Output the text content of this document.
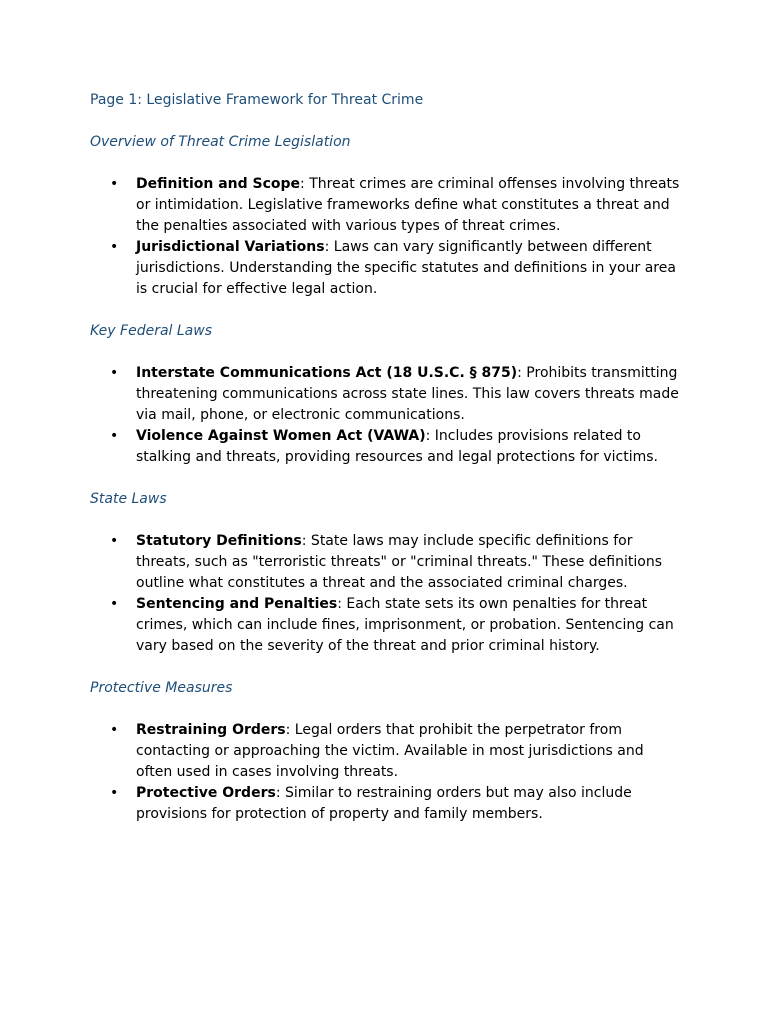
Page 1: Legislative Framework for Threat Crime
Overview of Threat Crime Legislation
• Definition and Scope: Threat crimes are criminal offenses involving threats or intimidation. Legislative frameworks define what constitutes a threat and the penalties associated with various types of threat crimes.
• Jurisdictional Variations: Laws can vary significantly between different jurisdictions. Understanding the specific statutes and definitions in your area is crucial for effective legal action.
Key Federal Laws
• Interstate Communications Act (18 U.S.C. § 875): Prohibits transmitting threatening communications across state lines. This law covers threats made via mail, phone, or electronic communications.
• Violence Against Women Act (VAWA): Includes provisions related to stalking and threats, providing resources and legal protections for victims.
State Laws
• Statutory Definitions: State laws may include specific definitions for threats, such as "terroristic threats" or "criminal threats." These definitions outline what constitutes a threat and the associated criminal charges.
• Sentencing and Penalties: Each state sets its own penalties for threat crimes, which can include fines, imprisonment, or probation. Sentencing can vary based on the severity of the threat and prior criminal history.
Protective Measures
• Restraining Orders: Legal orders that prohibit the perpetrator from contacting or approaching the victim. Available in most jurisdictions and often used in cases involving threats.
• Protective Orders: Similar to restraining orders but may also include provisions for protection of property and family members.
